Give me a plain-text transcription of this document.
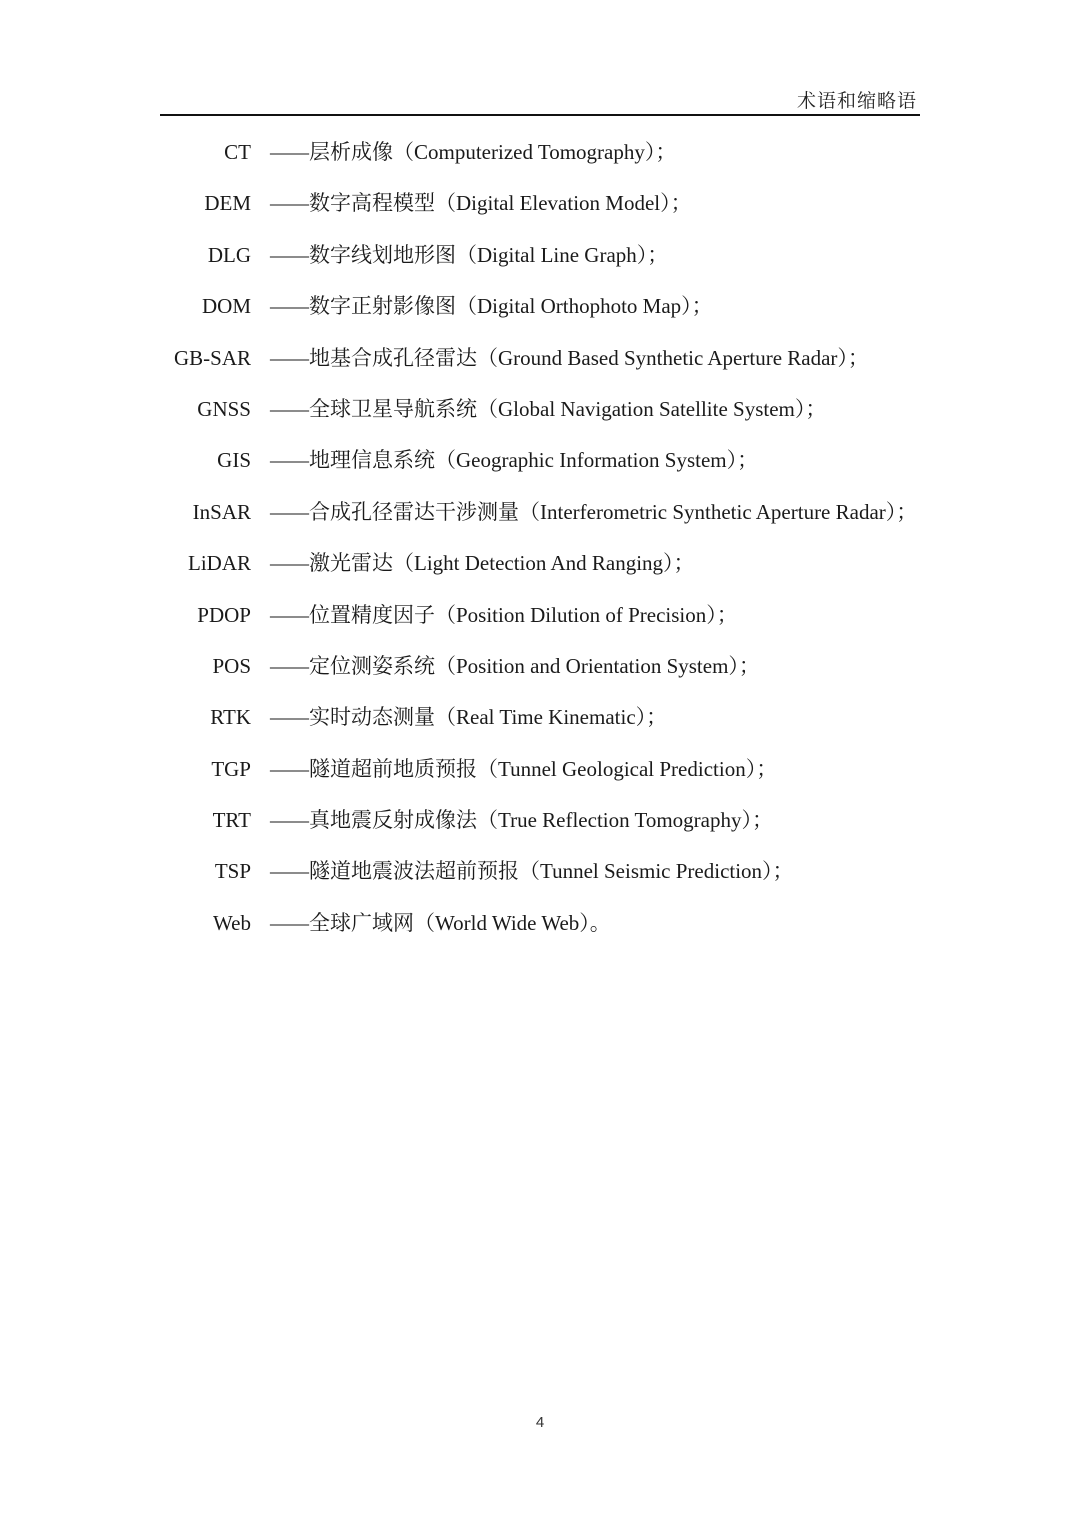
术语和缩略语
CT —— 层析成像（Computerized Tomography）；
DEM —— 数字高程模型（Digital Elevation Model）；
DLG —— 数字线划地形图（Digital Line Graph）；
DOM —— 数字正射影像图（Digital Orthophoto Map）；
GB-SAR —— 地基合成孔径雷达（Ground Based Synthetic Aperture Radar）；
GNSS —— 全球卫星导航系统（Global Navigation Satellite System）；
GIS —— 地理信息系统（Geographic Information System）；
InSAR —— 合成孔径雷达干涉测量（Interferometric Synthetic Aperture Radar）；
LiDAR —— 激光雷达（Light Detection And Ranging）；
PDOP —— 位置精度因子（Position Dilution of Precision）；
POS —— 定位测姿系统（Position and Orientation System）；
RTK —— 实时动态测量（Real Time Kinematic）；
TGP —— 隧道超前地质预报（Tunnel Geological Prediction）；
TRT —— 真地震反射成像法（True Reflection Tomography）；
TSP —— 隧道地震波法超前预报（Tunnel Seismic Prediction）；
Web —— 全球广域网（World Wide Web）。
4
